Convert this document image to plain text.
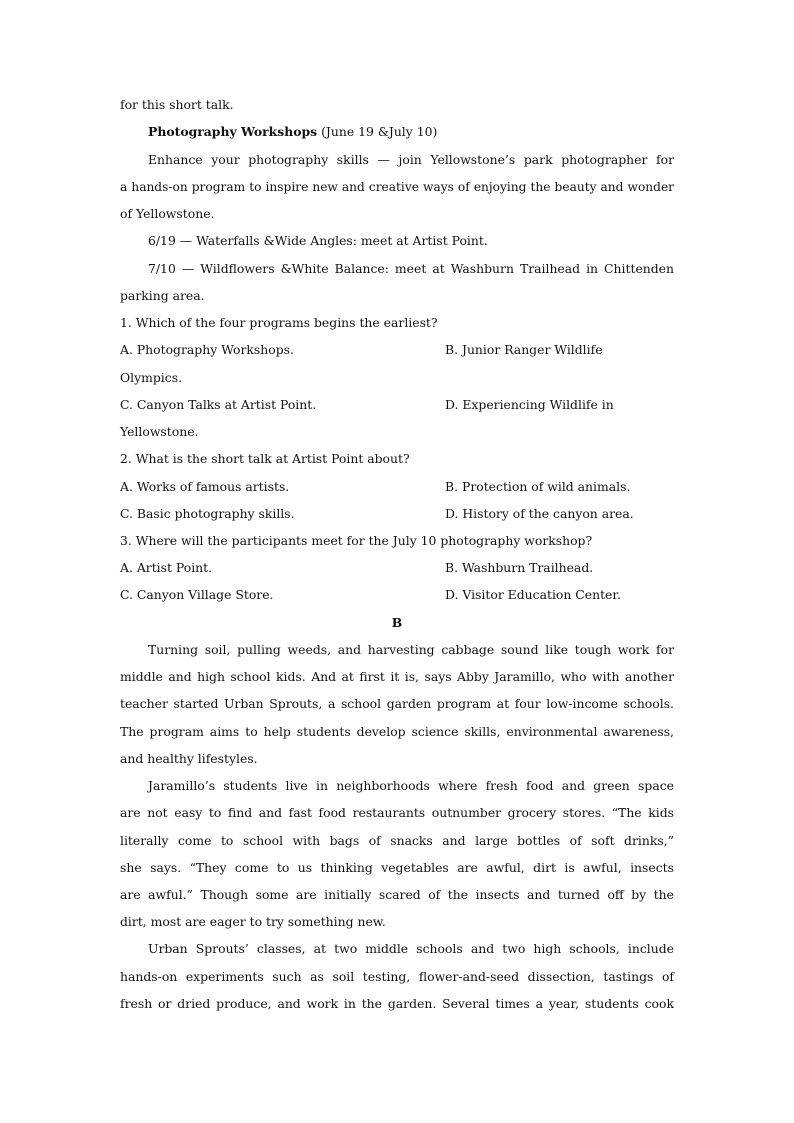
for this short talk.
Photography Workshops (June 19 &July 10)
Enhance your photography skills — join Yellowstone’s park photographer for
a hands-on program to inspire new and creative ways of enjoying the beauty and wonder
of Yellowstone.
6/19 — Waterfalls &Wide Angles: meet at Artist Point.
7/10 — Wildflowers &White Balance: meet at Washburn Trailhead in Chittenden
parking area.
1. Which of the four programs begins the earliest?
A. Photography Workshops.	B. Junior Ranger Wildlife
Olympics.
C. Canyon Talks at Artist Point.	D. Experiencing Wildlife in
Yellowstone.
2. What is the short talk at Artist Point about?
A. Works of famous artists.	B. Protection of wild animals.
C. Basic photography skills.	D. History of the canyon area.
3. Where will the participants meet for the July 10 photography workshop?
A. Artist Point.	B. Washburn Trailhead.
C. Canyon Village Store.	D. Visitor Education Center.
B
Turning soil, pulling weeds, and harvesting cabbage sound like tough work for
middle and high school kids. And at first it is, says Abby Jaramillo, who with another
teacher started Urban Sprouts, a school garden program at four low-income schools.
The program aims to help students develop science skills, environmental awareness,
and healthy lifestyles.
Jaramillo’s students live in neighborhoods where fresh food and green space
are not easy to find and fast food restaurants outnumber grocery stores. “The kids
literally come to school with bags of snacks and large bottles of soft drinks,”
she says. “They come to us thinking vegetables are awful, dirt is awful, insects
are awful.” Though some are initially scared of the insects and turned off by the
dirt, most are eager to try something new.
Urban Sprouts’ classes, at two middle schools and two high schools, include
hands-on experiments such as soil testing, flower-and-seed dissection, tastings of
fresh or dried produce, and work in the garden. Several times a year, students cook
